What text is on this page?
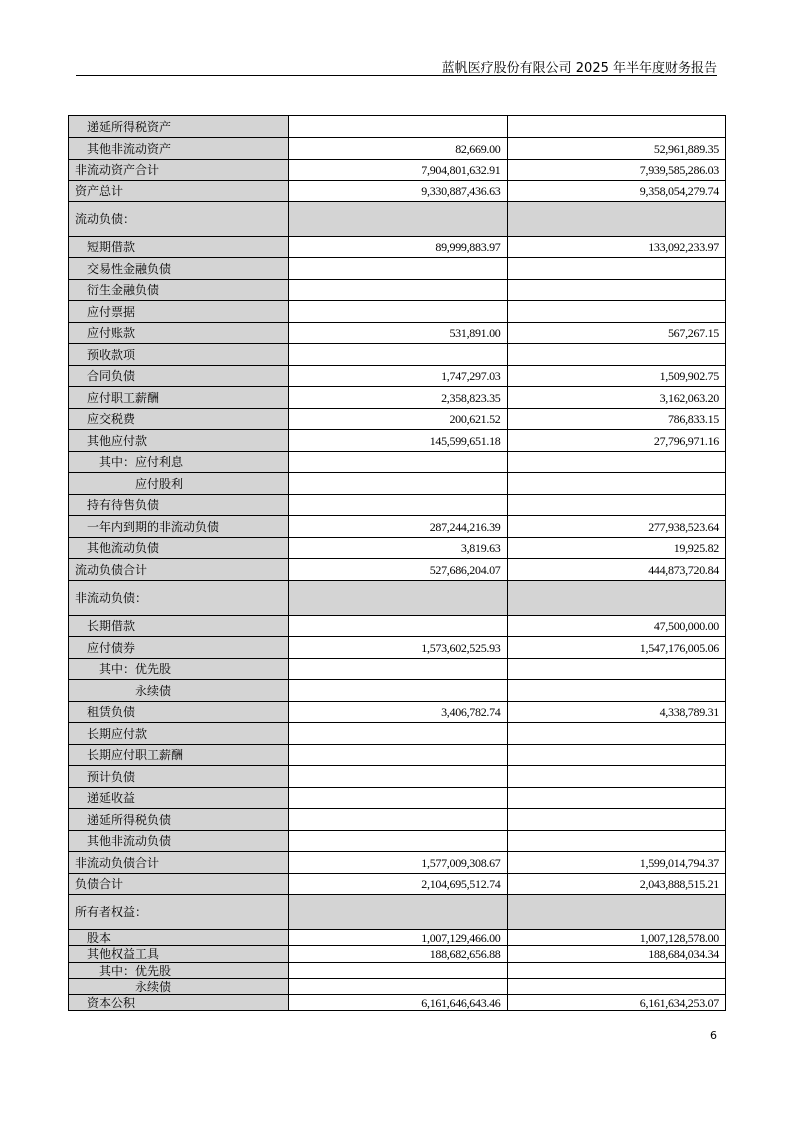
蓝帆医疗股份有限公司 2025 年半年度财务报告
递延所得税资产		
其他非流动资产	82,669.00	52,961,889.35
非流动资产合计	7,904,801,632.91	7,939,585,286.03
资产总计	9,330,887,436.63	9,358,054,279.74
流动负债：		
短期借款	89,999,883.97	133,092,233.97
交易性金融负债		
衍生金融负债		
应付票据		
应付账款	531,891.00	567,267.15
预收款项		
合同负债	1,747,297.03	1,509,902.75
应付职工薪酬	2,358,823.35	3,162,063.20
应交税费	200,621.52	786,833.15
其他应付款	145,599,651.18	27,796,971.16
其中：应付利息		
应付股利		
持有待售负债		
一年内到期的非流动负债	287,244,216.39	277,938,523.64
其他流动负债	3,819.63	19,925.82
流动负债合计	527,686,204.07	444,873,720.84
非流动负债：		
长期借款		47,500,000.00
应付债券	1,573,602,525.93	1,547,176,005.06
其中：优先股		
永续债		
租赁负债	3,406,782.74	4,338,789.31
长期应付款		
长期应付职工薪酬		
预计负债		
递延收益		
递延所得税负债		
其他非流动负债		
非流动负债合计	1,577,009,308.67	1,599,014,794.37
负债合计	2,104,695,512.74	2,043,888,515.21
所有者权益：		
股本	1,007,129,466.00	1,007,128,578.00
其他权益工具	188,682,656.88	188,684,034.34
其中：优先股		
永续债		
资本公积	6,161,646,643.46	6,161,634,253.07
6
